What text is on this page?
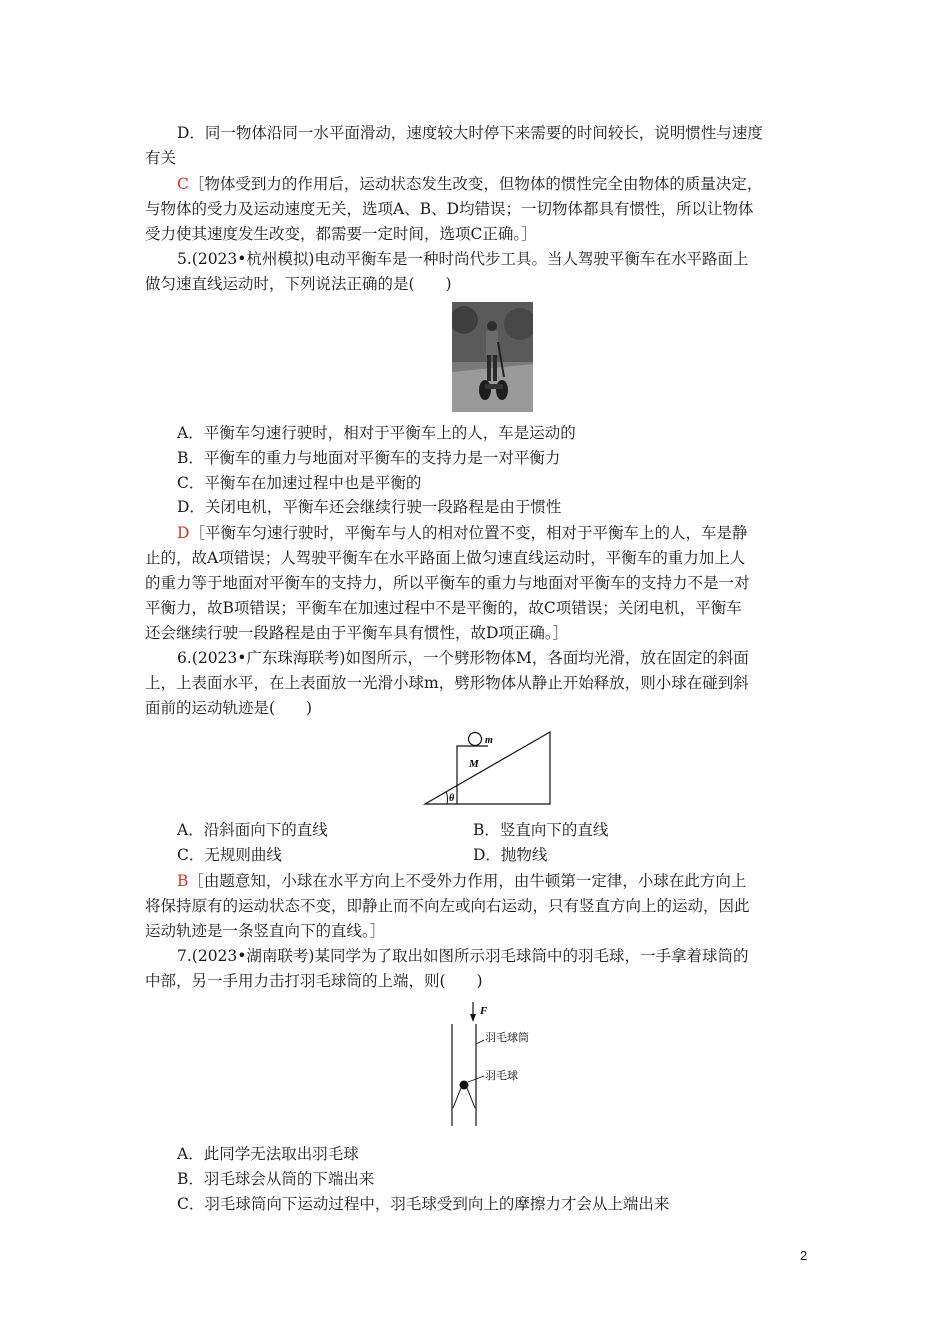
D．同一物体沿同一水平面滑动，速度较大时停下来需要的时间较长，说明惯性与速度
有关
C［物体受到力的作用后，运动状态发生改变，但物体的惯性完全由物体的质量决定，
与物体的受力及运动速度无关，选项A、B、D均错误；一切物体都具有惯性，所以让物体
受力使其速度发生改变，都需要一定时间，选项C正确。］
5.(2023•杭州模拟)电动平衡车是一种时尚代步工具。当人驾驶平衡车在水平路面上
做匀速直线运动时，下列说法正确的是(　　)
A．平衡车匀速行驶时，相对于平衡车上的人，车是运动的
B．平衡车的重力与地面对平衡车的支持力是一对平衡力
C．平衡车在加速过程中也是平衡的
D．关闭电机，平衡车还会继续行驶一段路程是由于惯性
D［平衡车匀速行驶时，平衡车与人的相对位置不变，相对于平衡车上的人，车是静
止的，故A项错误；人驾驶平衡车在水平路面上做匀速直线运动时，平衡车的重力加上人
的重力等于地面对平衡车的支持力，所以平衡车的重力与地面对平衡车的支持力不是一对
平衡力，故B项错误；平衡车在加速过程中不是平衡的，故C项错误；关闭电机，平衡车
还会继续行驶一段路程是由于平衡车具有惯性，故D项正确。］
6.(2023•广东珠海联考)如图所示，一个劈形物体M，各面均光滑，放在固定的斜面
上，上表面水平，在上表面放一光滑小球m，劈形物体从静止开始释放，则小球在碰到斜
面前的运动轨迹是(　　)
m
M
θ
A．沿斜面向下的直线	B．竖直向下的直线
C．无规则曲线	D．抛物线
B［由题意知，小球在水平方向上不受外力作用，由牛顿第一定律，小球在此方向上
将保持原有的运动状态不变，即静止而不向左或向右运动，只有竖直方向上的运动，因此
运动轨迹是一条竖直向下的直线。］
7.(2023•湖南联考)某同学为了取出如图所示羽毛球筒中的羽毛球，一手拿着球筒的
中部，另一手用力击打羽毛球筒的上端，则(　　)
F
羽毛球筒
羽毛球
A．此同学无法取出羽毛球
B．羽毛球会从筒的下端出来
C．羽毛球筒向下运动过程中，羽毛球受到向上的摩擦力才会从上端出来
2
